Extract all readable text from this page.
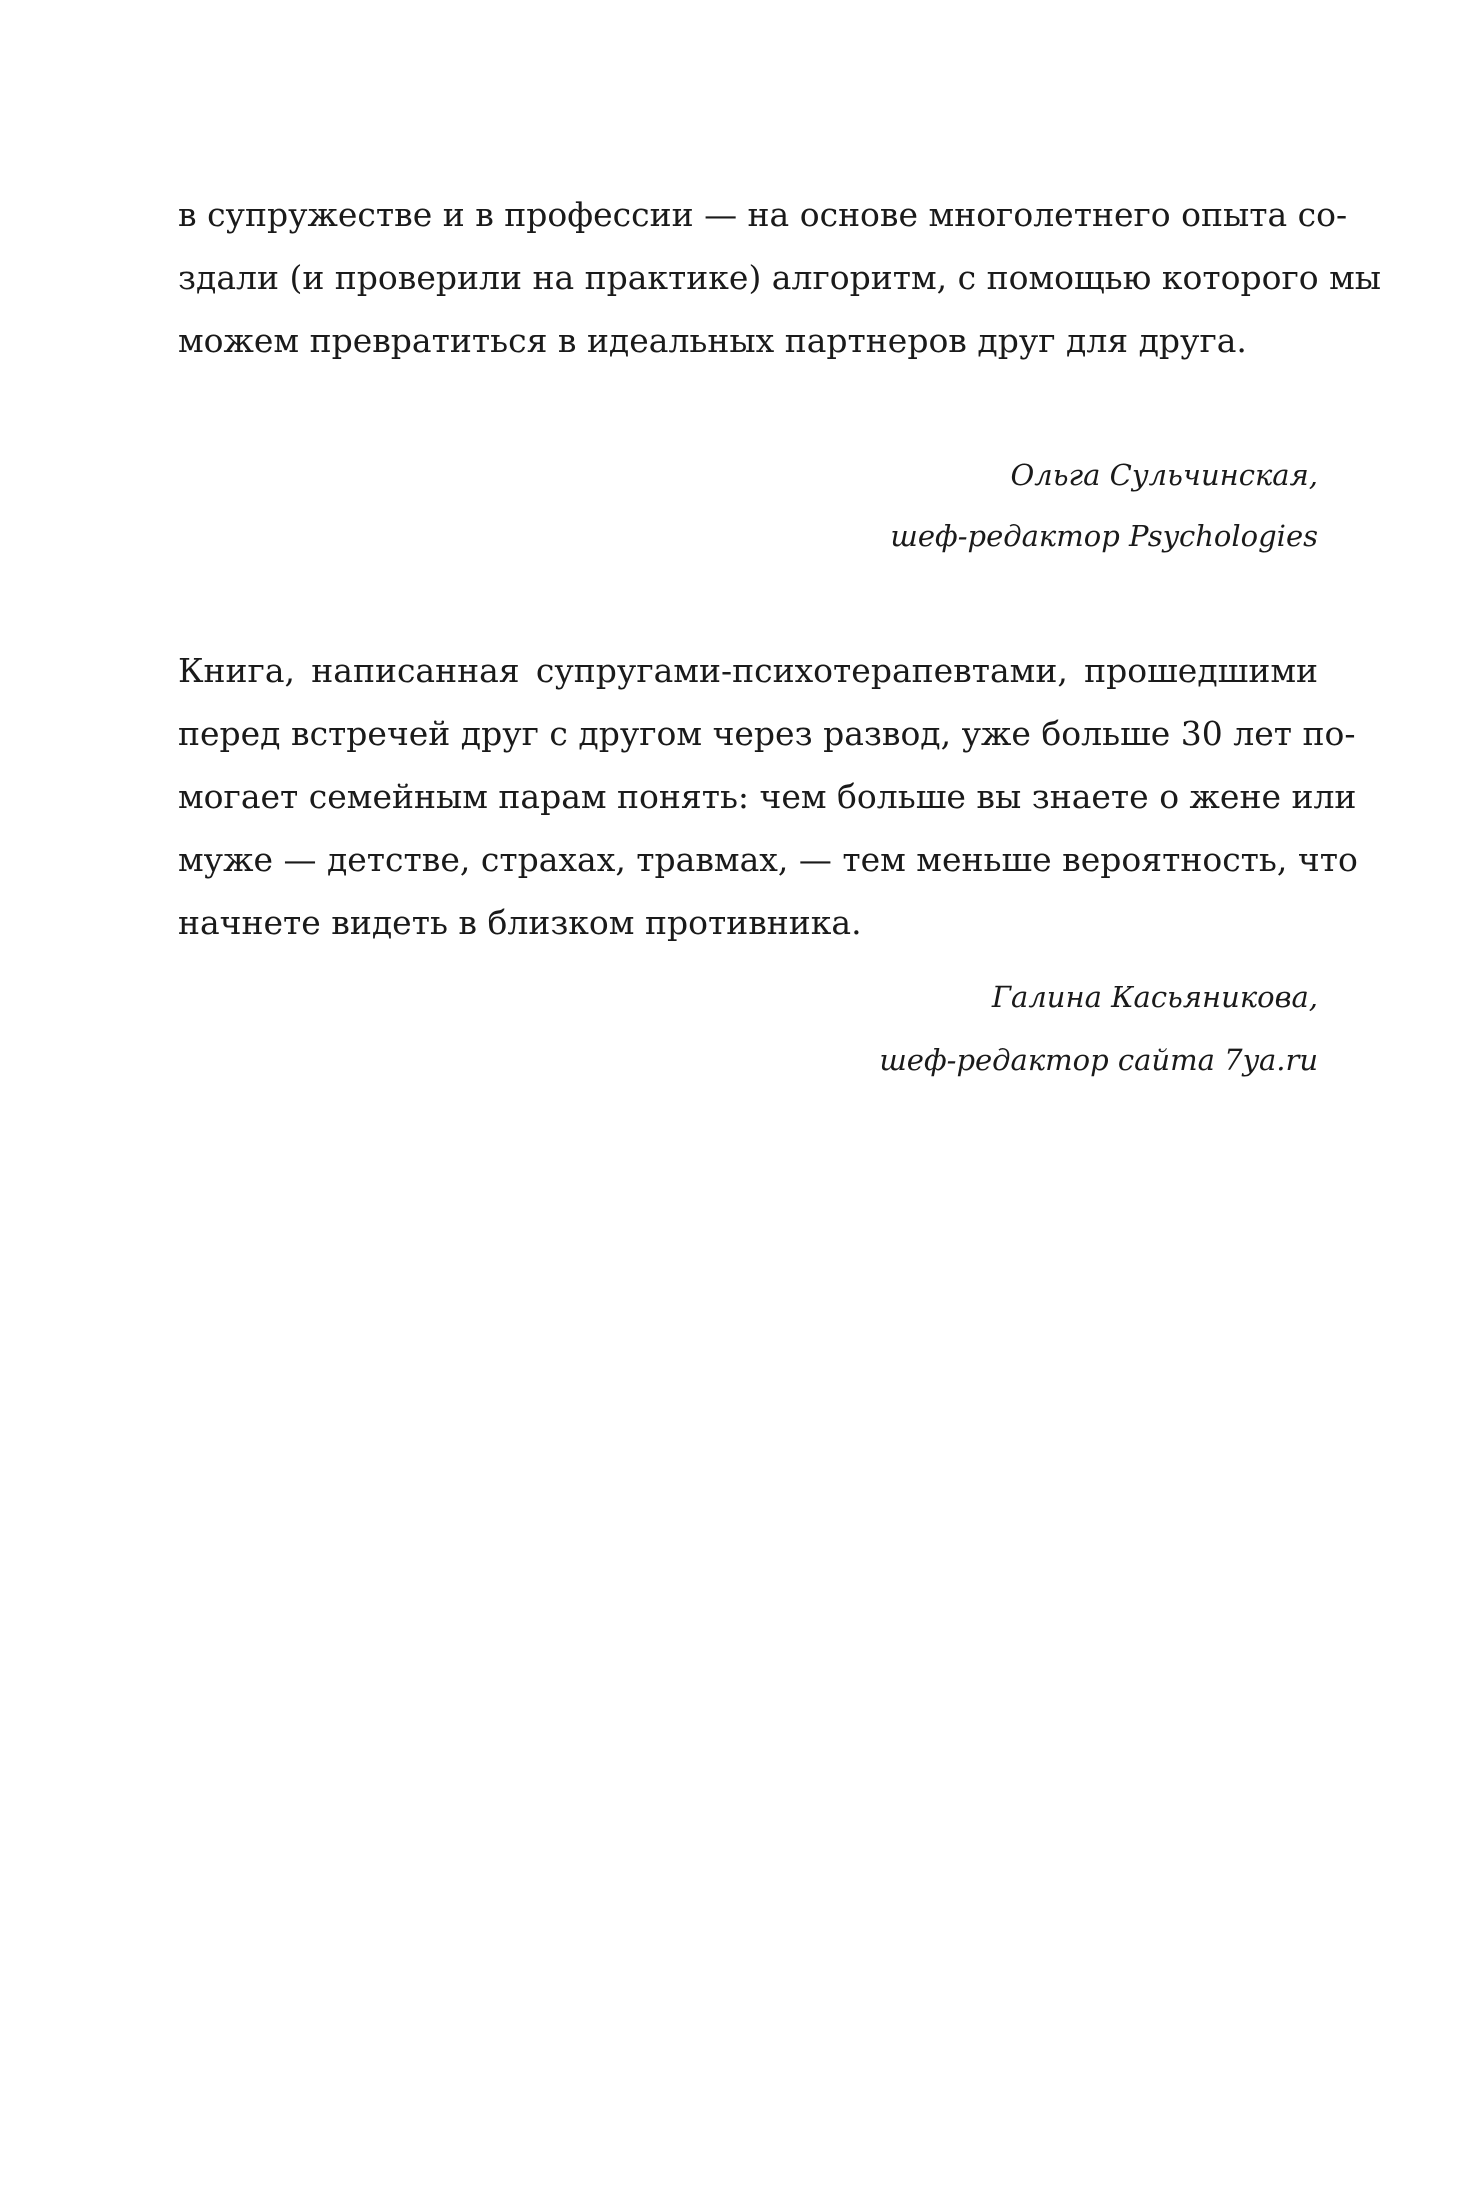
в супружестве и в профессии — на основе многолетнего опыта со-
здали (и проверили на практике) алгоритм, с помощью которого мы
можем превратиться в идеальных партнеров друг для друга.
Ольга Сульчинская,
шеф-редактор Psychologies
Книга, написанная супругами-психотерапевтами, прошедшими
перед встречей друг с другом через развод, уже больше 30 лет по-
могает семейным парам понять: чем больше вы знаете о жене или
муже — детстве, страхах, травмах, — тем меньше вероятность, что
начнете видеть в близком противника.
Галина Касьяникова,
шеф-редактор сайта 7ya.ru
